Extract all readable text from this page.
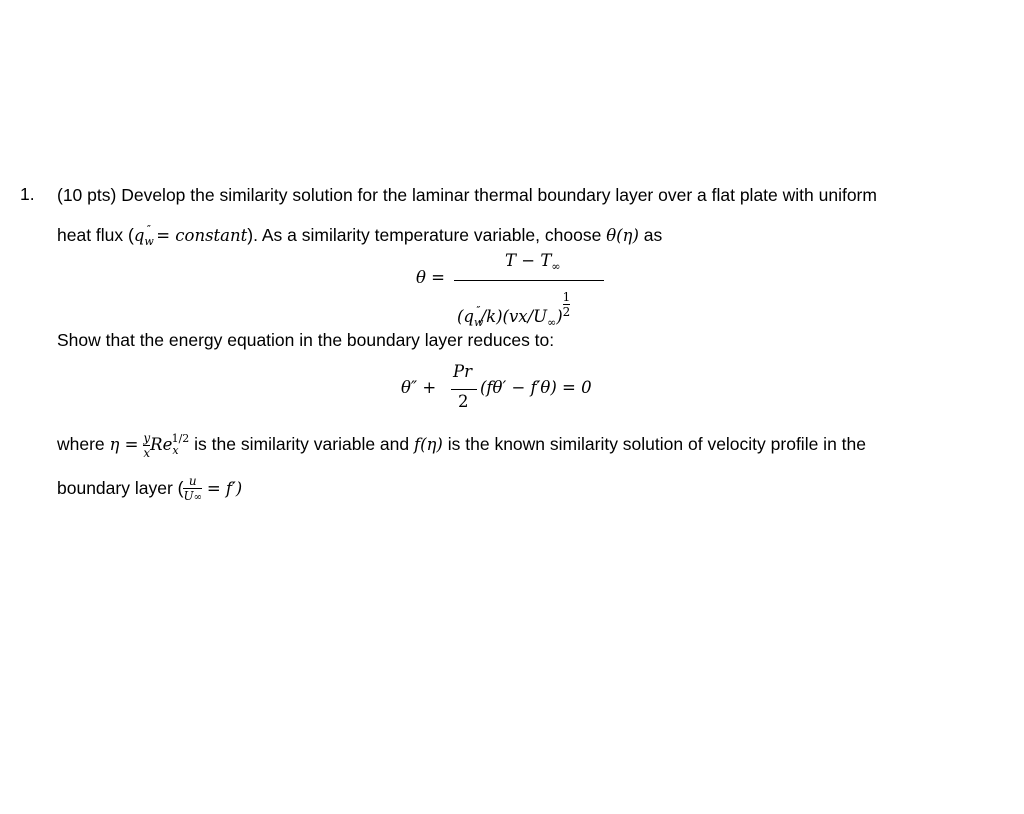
1. (10 pts) Develop the similarity solution for the laminar thermal boundary layer over a flat plate with uniform
heat flux ($q_w''$ = constant). As a similarity temperature variable, choose θ(η) as
θ =
$T - T_\infty$
$(q_w''/k)(vx/U_\infty) \frac{1}{2}$
Show that the energy equation in the boundary layer reduces to:
θ″ +
Pr
2
(fθ′ − f′θ) = 0
where $\eta = \frac{y}{x} Re_x^{1/2}$ is the similarity variable and f(η) is the known similarity solution of velocity profile in the
boundary layer ( $\frac{u}{U\infty} = f'$)
